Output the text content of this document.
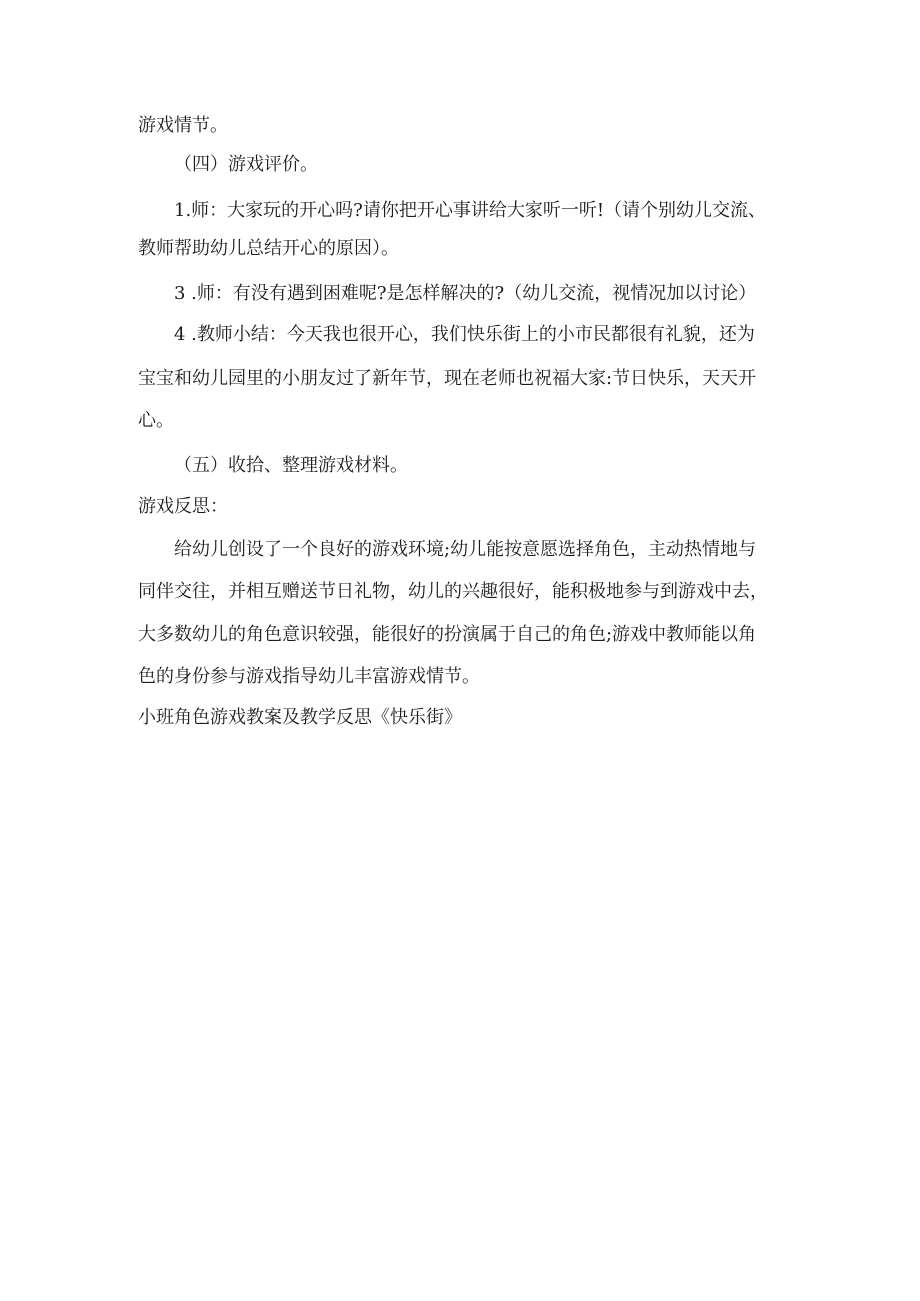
游戏情节。
（四）游戏评价。
1.师：大家玩的开心吗?请你把开心事讲给大家听一听!（请个别幼儿交流、
教师帮助幼儿总结开心的原因）。
3 .师：有没有遇到困难呢?是怎样解决的?（幼儿交流，视情况加以讨论）
4 .教师小结：今天我也很开心，我们快乐街上的小市民都很有礼貌，还为
宝宝和幼儿园里的小朋友过了新年节，现在老师也祝福大家:节日快乐，天天开
心。
（五）收拾、整理游戏材料。
游戏反思：
给幼儿创设了一个良好的游戏环境;幼儿能按意愿选择角色，主动热情地与
同伴交往，并相互赠送节日礼物，幼儿的兴趣很好，能积极地参与到游戏中去，
大多数幼儿的角色意识较强，能很好的扮演属于自己的角色;游戏中教师能以角
色的身份参与游戏指导幼儿丰富游戏情节。
小班角色游戏教案及教学反思《快乐街》
